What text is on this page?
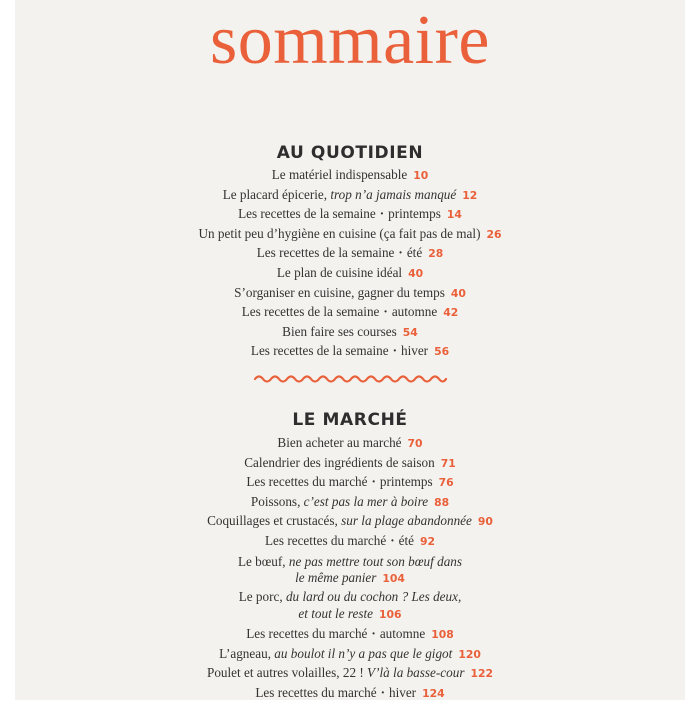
sommaire
AU QUOTIDIEN
Le matériel indispensable 10
Le placard épicerie, trop n’a jamais manqué 12
Les recettes de la semaine · printemps 14
Un petit peu d’hygiène en cuisine (ça fait pas de mal) 26
Les recettes de la semaine · été 28
Le plan de cuisine idéal 40
S’organiser en cuisine, gagner du temps 40
Les recettes de la semaine · automne 42
Bien faire ses courses 54
Les recettes de la semaine · hiver 56
LE MARCHÉ
Bien acheter au marché 70
Calendrier des ingrédients de saison 71
Les recettes du marché · printemps 76
Poissons, c’est pas la mer à boire 88
Coquillages et crustacés, sur la plage abandonnée 90
Les recettes du marché · été 92
Le bœuf, ne pas mettre tout son bœuf dans
le même panier 104
Le porc, du lard ou du cochon ? Les deux,
et tout le reste 106
Les recettes du marché · automne 108
L’agneau, au boulot il n’y a pas que le gigot 120
Poulet et autres volailles, 22 ! V’là la basse-cour 122
Les recettes du marché · hiver 124
